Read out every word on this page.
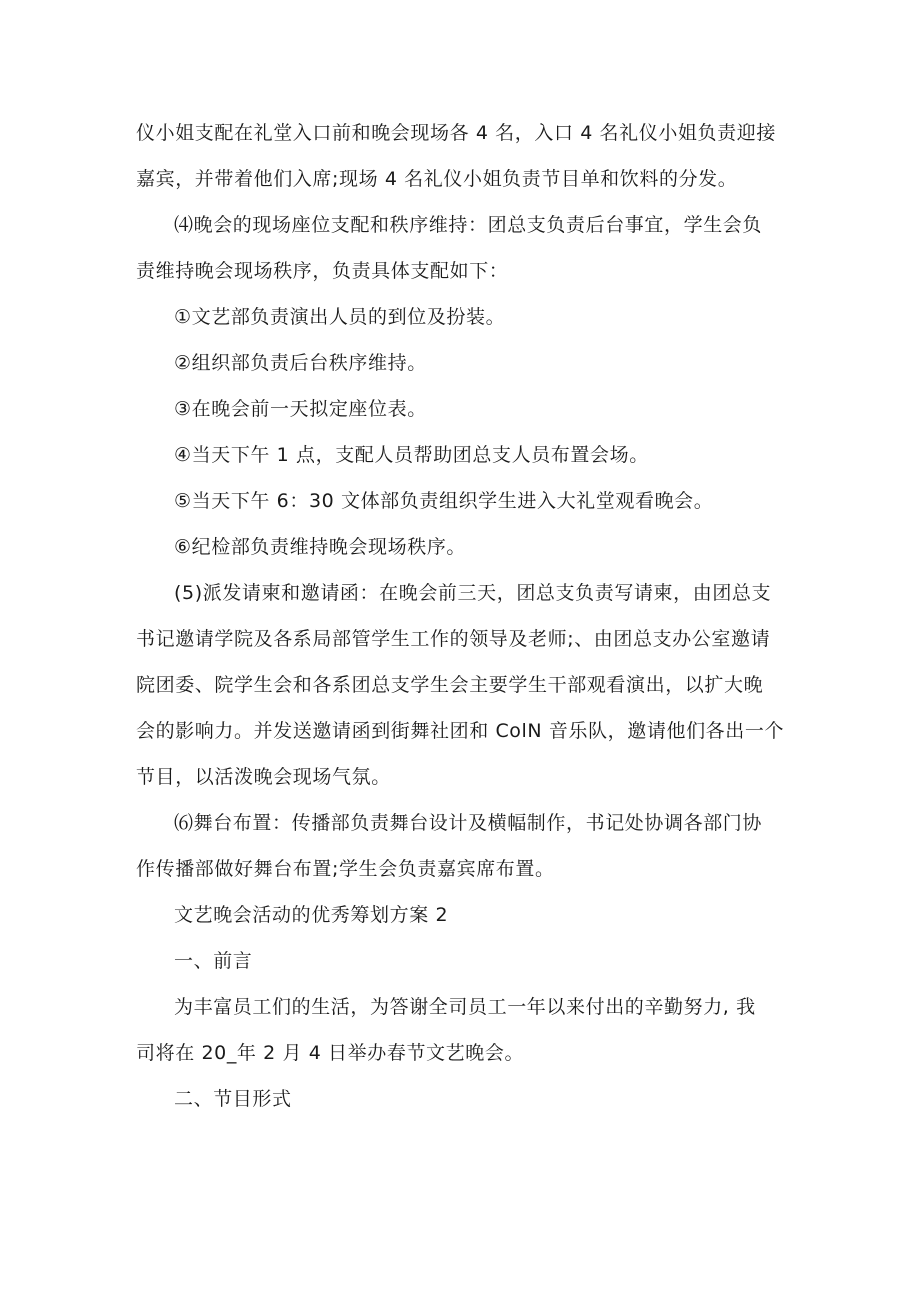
仪小姐支配在礼堂入口前和晚会现场各 4 名，入口 4 名礼仪小姐负责迎接
嘉宾，并带着他们入席;现场 4 名礼仪小姐负责节目单和饮料的分发。
⑷晚会的现场座位支配和秩序维持：团总支负责后台事宜，学生会负
责维持晚会现场秩序，负责具体支配如下：
①文艺部负责演出人员的到位及扮装。
②组织部负责后台秩序维持。
③在晚会前一天拟定座位表。
④当天下午 1 点，支配人员帮助团总支人员布置会场。
⑤当天下午 6：30 文体部负责组织学生进入大礼堂观看晚会。
⑥纪检部负责维持晚会现场秩序。
(5)派发请柬和邀请函：在晚会前三天，团总支负责写请柬，由团总支
书记邀请学院及各系局部管学生工作的领导及老师;、由团总支办公室邀请
院团委、院学生会和各系团总支学生会主要学生干部观看演出，以扩大晚
会的影响力。并发送邀请函到街舞社团和 ColN 音乐队，邀请他们各出一个
节目，以活泼晚会现场气氛。
⑹舞台布置：传播部负责舞台设计及横幅制作，书记处协调各部门协
作传播部做好舞台布置;学生会负责嘉宾席布置。
文艺晚会活动的优秀筹划方案 2
一、前言
为丰富员工们的生活，为答谢全司员工一年以来付出的辛勤努力, 我
司将在 20_年 2 月 4 日举办春节文艺晚会。
二、节目形式
